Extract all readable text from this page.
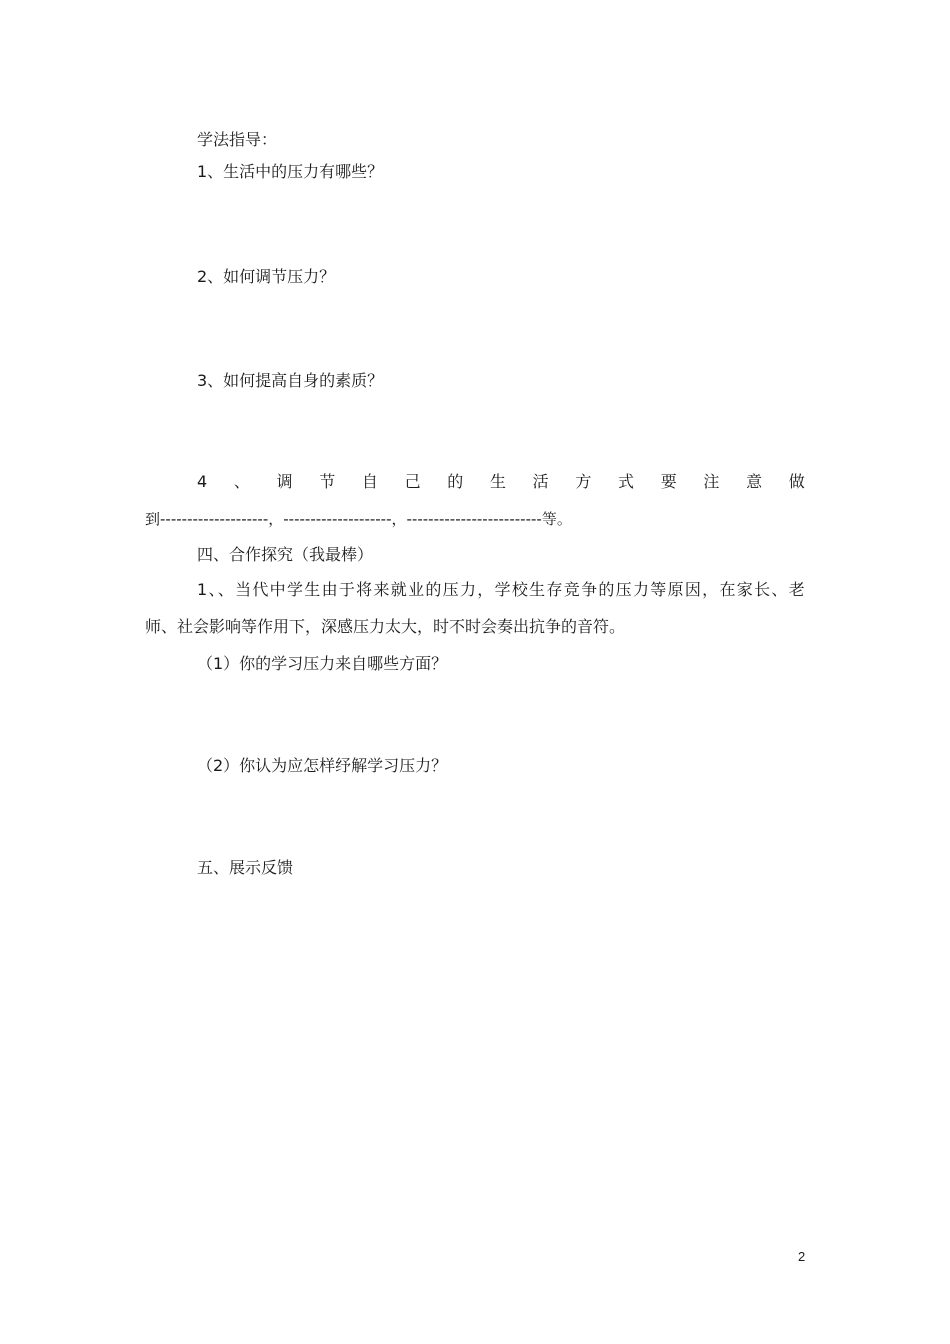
学法指导：
1、生活中的压力有哪些？
2、如何调节压力？
3、如何提高自身的素质？
4 、 调 节 自 己 的 生 活 方 式 要 注 意 做
到--------------------，--------------------，-------------------------等。
四、合作探究（我最棒）
1、、当代中学生由于将来就业的压力，学校生存竞争的压力等原因，在家长、老
师、社会影响等作用下，深感压力太大，时不时会奏出抗争的音符。
（1）你的学习压力来自哪些方面？
（2）你认为应怎样纾解学习压力？
五、展示反馈
2
